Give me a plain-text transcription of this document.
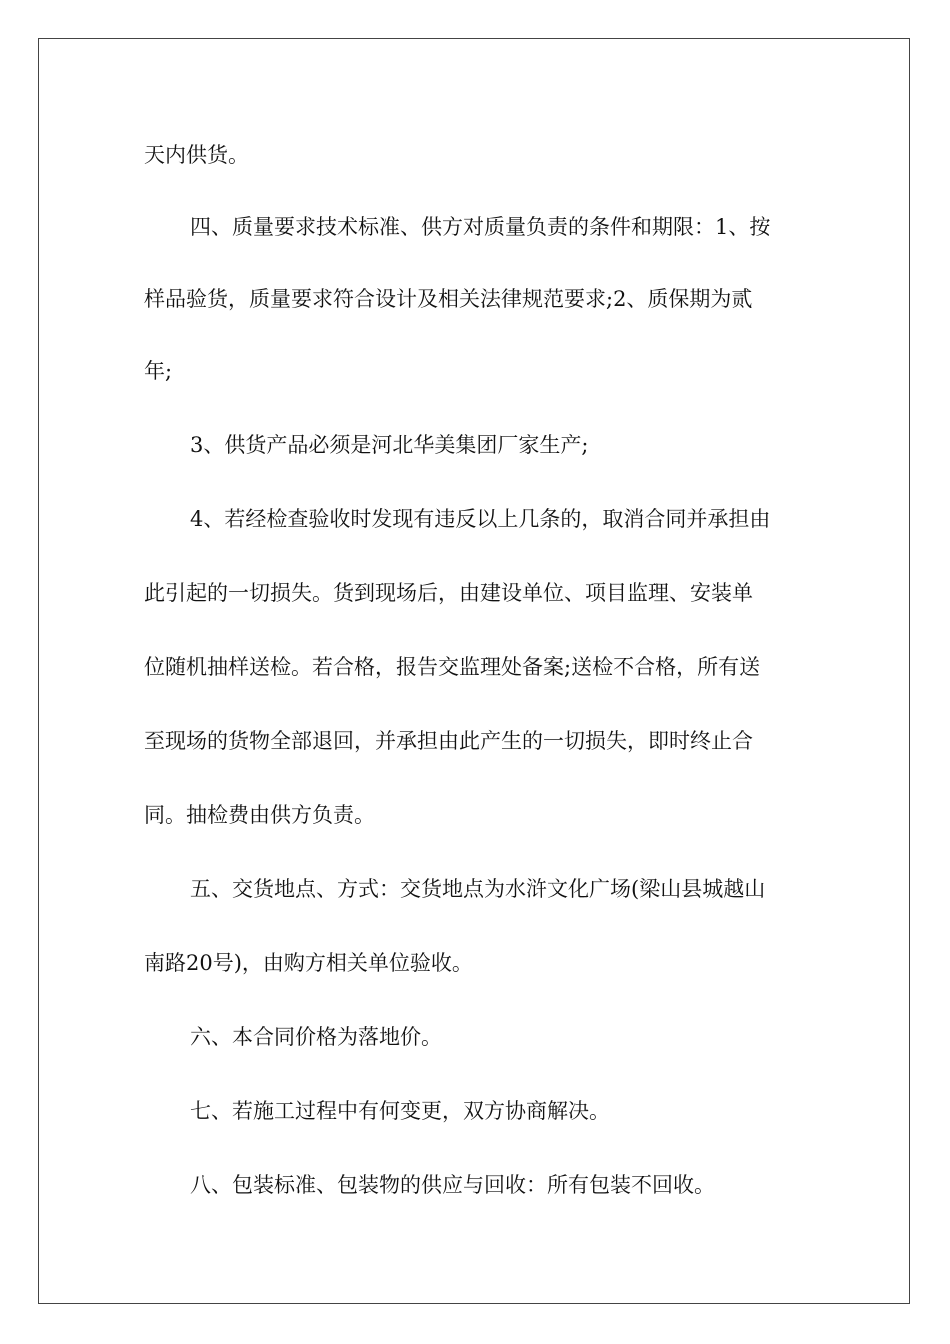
天内供货。
四、质量要求技术标准、供方对质量负责的条件和期限：1、按
样品验货，质量要求符合设计及相关法律规范要求;2、质保期为贰
年;
3、供货产品必须是河北华美集团厂家生产;
4、若经检查验收时发现有违反以上几条的，取消合同并承担由
此引起的一切损失。货到现场后，由建设单位、项目监理、安装单
位随机抽样送检。若合格，报告交监理处备案;送检不合格，所有送
至现场的货物全部退回，并承担由此产生的一切损失，即时终止合
同。抽检费由供方负责。
五、交货地点、方式：交货地点为水浒文化广场(梁山县城越山
南路20号)，由购方相关单位验收。
六、本合同价格为落地价。
七、若施工过程中有何变更，双方协商解决。
八、包装标准、包装物的供应与回收：所有包装不回收。
